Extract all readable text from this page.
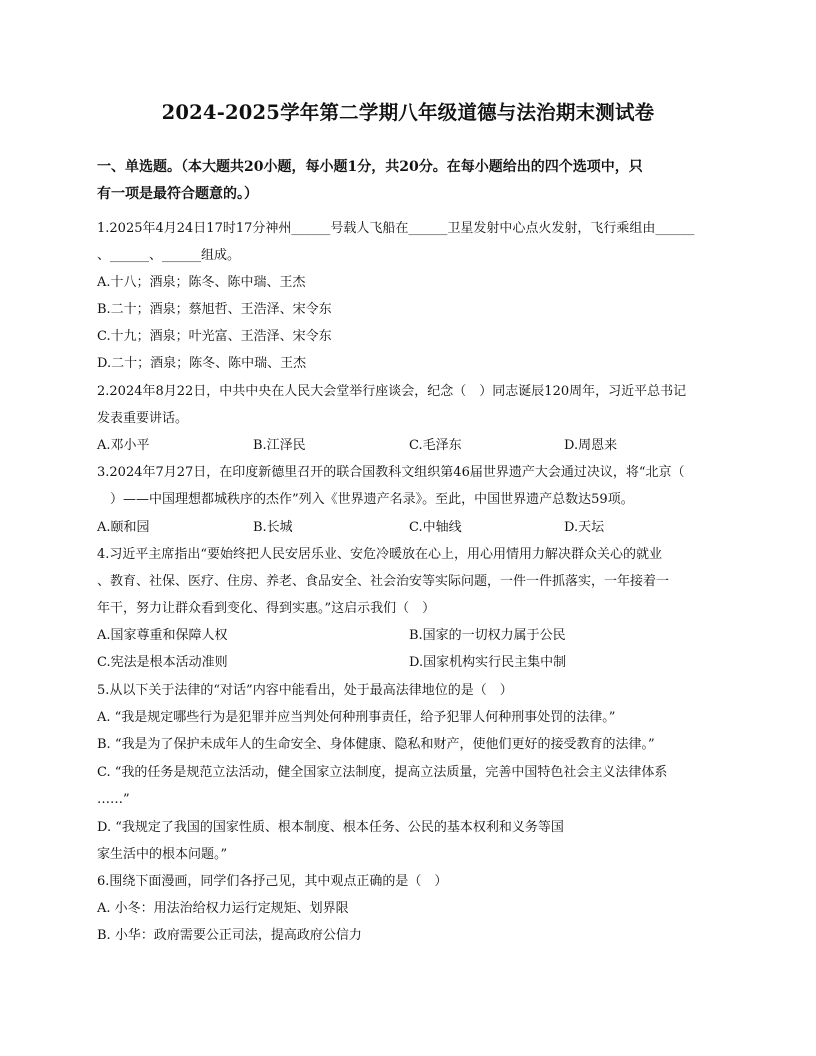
2024-2025学年第二学期八年级道德与法治期末测试卷
一、单选题。（本大题共20小题，每小题1分，共20分。在每小题给出的四个选项中，只
有一项是最符合题意的。）
1.2025年4月24日17时17分神州______号载人飞船在______卫星发射中心点火发射，飞行乘组由______
、______、______组成。
A.十八；酒泉；陈冬、陈中瑞、王杰
B.二十；酒泉；蔡旭哲、王浩泽、宋令东
C.十九；酒泉；叶光富、王浩泽、宋令东
D.二十；酒泉；陈冬、陈中瑞、王杰
2.2024年8月22日，中共中央在人民大会堂举行座谈会，纪念（　）同志诞辰120周年，习近平总书记
发表重要讲话。
A.邓小平	B.江泽民	C.毛泽东	D.周恩来
3.2024年7月27日，在印度新德里召开的联合国教科文组织第46届世界遗产大会通过决议，将“北京（
　）——中国理想都城秩序的杰作”列入《世界遗产名录》。至此，中国世界遗产总数达59项。
A.颐和园	B.长城	C.中轴线	D.天坛
4.习近平主席指出“要始终把人民安居乐业、安危冷暖放在心上，用心用情用力解决群众关心的就业
、教育、社保、医疗、住房、养老、食品安全、社会治安等实际问题，一件一件抓落实，一年接着一
年干，努力让群众看到变化、得到实惠。”这启示我们（　）
A.国家尊重和保障人权	B.国家的一切权力属于公民
C.宪法是根本活动准则	D.国家机构实行民主集中制
5.从以下关于法律的“对话”内容中能看出，处于最高法律地位的是（　）
A. “我是规定哪些行为是犯罪并应当判处何种刑事责任，给予犯罪人何种刑事处罚的法律。”
B. “我是为了保护未成年人的生命安全、身体健康、隐私和财产，使他们更好的接受教育的法律。”
C. “我的任务是规范立法活动，健全国家立法制度，提高立法质量，完善中国特色社会主义法律体系
……”
D. “我规定了我国的国家性质、根本制度、根本任务、公民的基本权利和义务等国
家生活中的根本问题。”
6.围绕下面漫画，同学们各抒己见，其中观点正确的是（　）
A. 小冬：用法治给权力运行定规矩、划界限
B. 小华：政府需要公正司法，提高政府公信力
